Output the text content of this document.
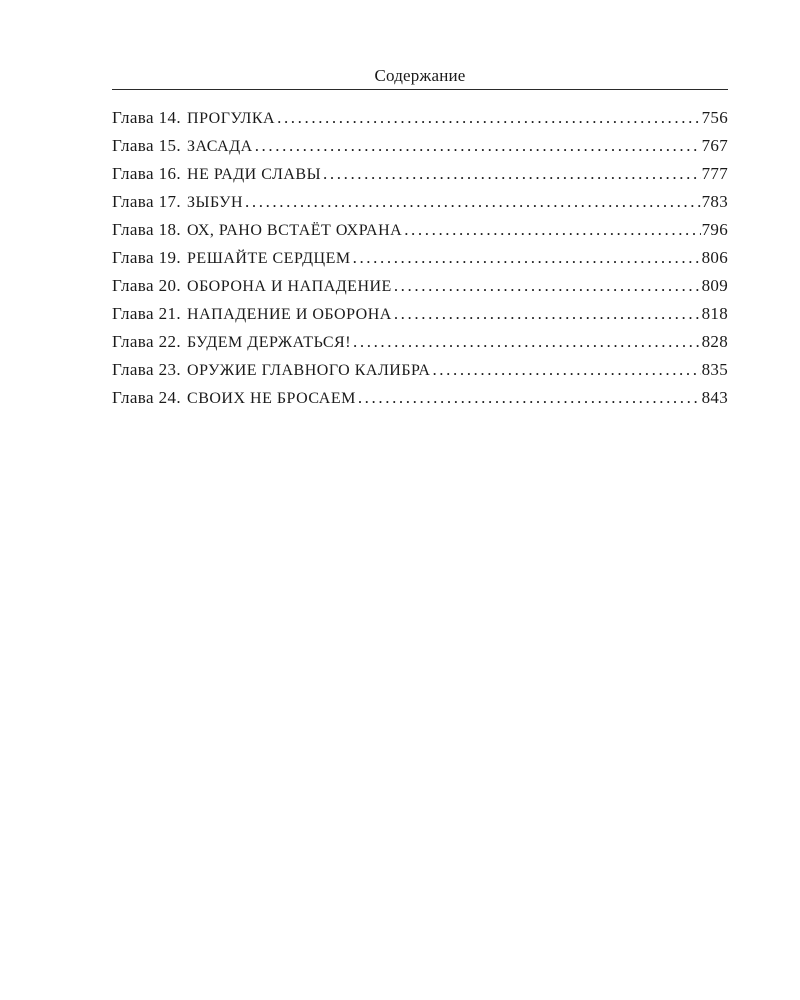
Содержание
Глава 14. ПРОГУЛКА .....	756
Глава 15. ЗАСАДА .....	767
Глава 16. НЕ РАДИ СЛАВЫ .....	777
Глава 17. ЗЫБУН .....	783
Глава 18. ОХ, РАНО ВСТАЁТ ОХРАНА .....	796
Глава 19. РЕШАЙТЕ СЕРДЦЕМ .....	806
Глава 20. ОБОРОНА И НАПАДЕНИЕ .....	809
Глава 21. НАПАДЕНИЕ И ОБОРОНА .....	818
Глава 22. БУДЕМ ДЕРЖАТЬСЯ! .....	828
Глава 23. ОРУЖИЕ ГЛАВНОГО КАЛИБРА .....	835
Глава 24. СВОИХ НЕ БРОСАЕМ .....	843
